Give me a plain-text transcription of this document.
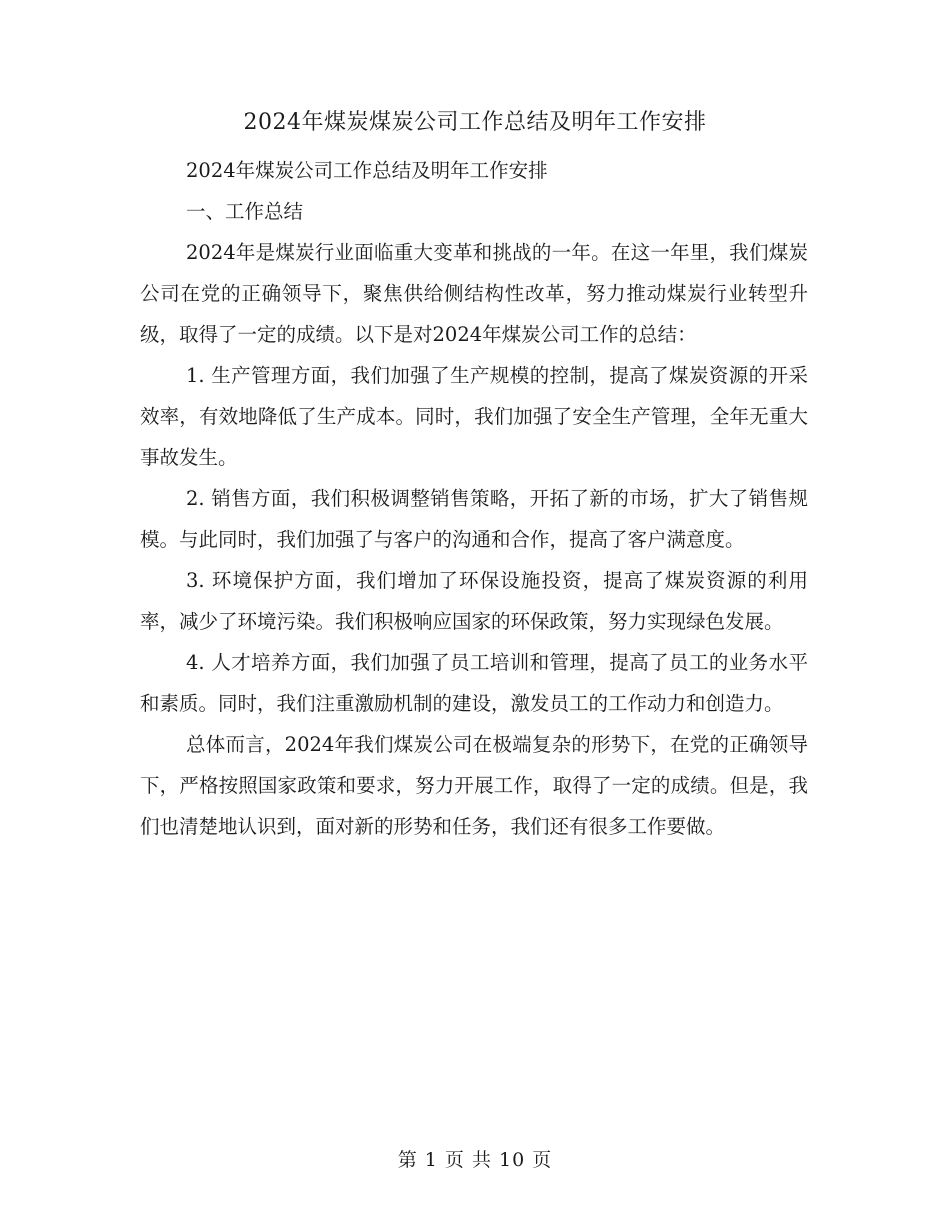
2024年煤炭煤炭公司工作总结及明年工作安排

2024年煤炭公司工作总结及明年工作安排

一、工作总结

2024年是煤炭行业面临重大变革和挑战的一年。在这一年里，我们煤炭公司在党的正确领导下，聚焦供给侧结构性改革，努力推动煤炭行业转型升级，取得了一定的成绩。以下是对2024年煤炭公司工作的总结：

1. 生产管理方面，我们加强了生产规模的控制，提高了煤炭资源的开采效率，有效地降低了生产成本。同时，我们加强了安全生产管理，全年无重大事故发生。

2. 销售方面，我们积极调整销售策略，开拓了新的市场，扩大了销售规模。与此同时，我们加强了与客户的沟通和合作，提高了客户满意度。

3. 环境保护方面，我们增加了环保设施投资，提高了煤炭资源的利用率，减少了环境污染。我们积极响应国家的环保政策，努力实现绿色发展。

4. 人才培养方面，我们加强了员工培训和管理，提高了员工的业务水平和素质。同时，我们注重激励机制的建设，激发员工的工作动力和创造力。

总体而言，2024年我们煤炭公司在极端复杂的形势下，在党的正确领导下，严格按照国家政策和要求，努力开展工作，取得了一定的成绩。但是，我们也清楚地认识到，面对新的形势和任务，我们还有很多工作要做。

第 1 页 共 10 页
